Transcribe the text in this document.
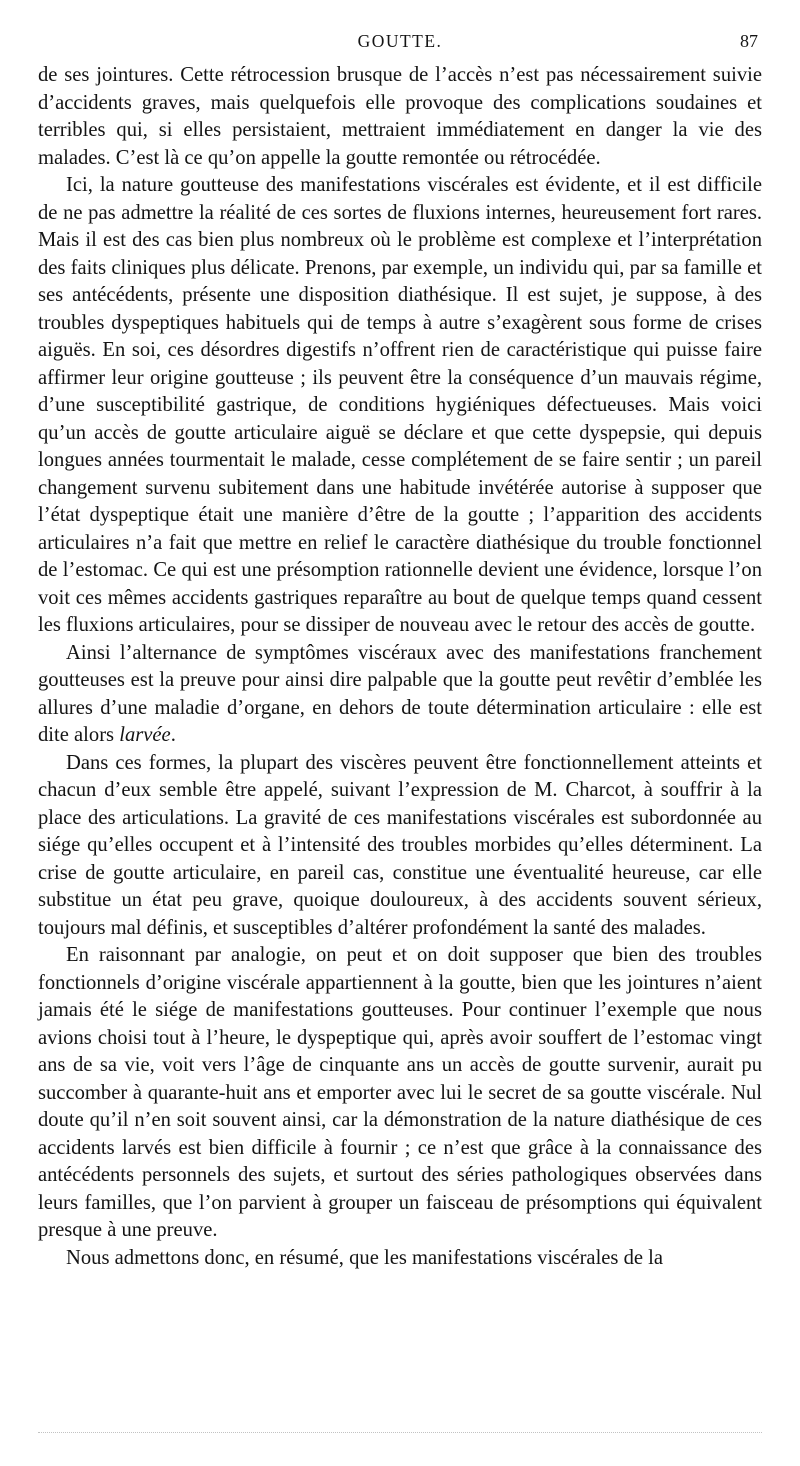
GOUTTE.	87

de ses jointures. Cette rétrocession brusque de l’accès n’est pas nécessairement suivie d’accidents graves, mais quelquefois elle provoque des complications soudaines et terribles qui, si elles persistaient, mettraient immédiatement en danger la vie des malades. C’est là ce qu’on appelle la goutte remontée ou rétrocédée.

Ici, la nature goutteuse des manifestations viscérales est évidente, et il est difficile de ne pas admettre la réalité de ces sortes de fluxions internes, heureusement fort rares. Mais il est des cas bien plus nombreux où le problème est complexe et l’interprétation des faits cliniques plus délicate. Prenons, par exemple, un individu qui, par sa famille et ses antécédents, présente une disposition diathésique. Il est sujet, je suppose, à des troubles dyspeptiques habituels qui de temps à autre s’exagèrent sous forme de crises aiguës. En soi, ces désordres digestifs n’offrent rien de caractéristique qui puisse faire affirmer leur origine goutteuse ; ils peuvent être la conséquence d’un mauvais régime, d’une susceptibilité gastrique, de conditions hygiéniques défectueuses. Mais voici qu’un accès de goutte articulaire aiguë se déclare et que cette dyspepsie, qui depuis longues années tourmentait le malade, cesse complétement de se faire sentir ; un pareil changement survenu subitement dans une habitude invétérée autorise à supposer que l’état dyspeptique était une manière d’être de la goutte ; l’apparition des accidents articulaires n’a fait que mettre en relief le caractère diathésique du trouble fonctionnel de l’estomac. Ce qui est une présomption rationnelle devient une évidence, lorsque l’on voit ces mêmes accidents gastriques reparaître au bout de quelque temps quand cessent les fluxions articulaires, pour se dissiper de nouveau avec le retour des accès de goutte.

Ainsi l’alternance de symptômes viscéraux avec des manifestations franchement goutteuses est la preuve pour ainsi dire palpable que la goutte peut revêtir d’emblée les allures d’une maladie d’organe, en dehors de toute détermination articulaire : elle est dite alors larvée.

Dans ces formes, la plupart des viscères peuvent être fonctionnellement atteints et chacun d’eux semble être appelé, suivant l’expression de M. Charcot, à souffrir à la place des articulations. La gravité de ces manifestations viscérales est subordonnée au siége qu’elles occupent et à l’intensité des troubles morbides qu’elles déterminent. La crise de goutte articulaire, en pareil cas, constitue une éventualité heureuse, car elle substitue un état peu grave, quoique douloureux, à des accidents souvent sérieux, toujours mal définis, et susceptibles d’altérer profondément la santé des malades.

En raisonnant par analogie, on peut et on doit supposer que bien des troubles fonctionnels d’origine viscérale appartiennent à la goutte, bien que les jointures n’aient jamais été le siége de manifestations goutteuses. Pour continuer l’exemple que nous avions choisi tout à l’heure, le dyspeptique qui, après avoir souffert de l’estomac vingt ans de sa vie, voit vers l’âge de cinquante ans un accès de goutte survenir, aurait pu succomber à quarante-huit ans et emporter avec lui le secret de sa goutte viscérale. Nul doute qu’il n’en soit souvent ainsi, car la démonstration de la nature diathésique de ces accidents larvés est bien difficile à fournir ; ce n’est que grâce à la connaissance des antécédents personnels des sujets, et surtout des séries pathologiques observées dans leurs familles, que l’on parvient à grouper un faisceau de présomptions qui équivalent presque à une preuve.

Nous admettons donc, en résumé, que les manifestations viscérales de la
